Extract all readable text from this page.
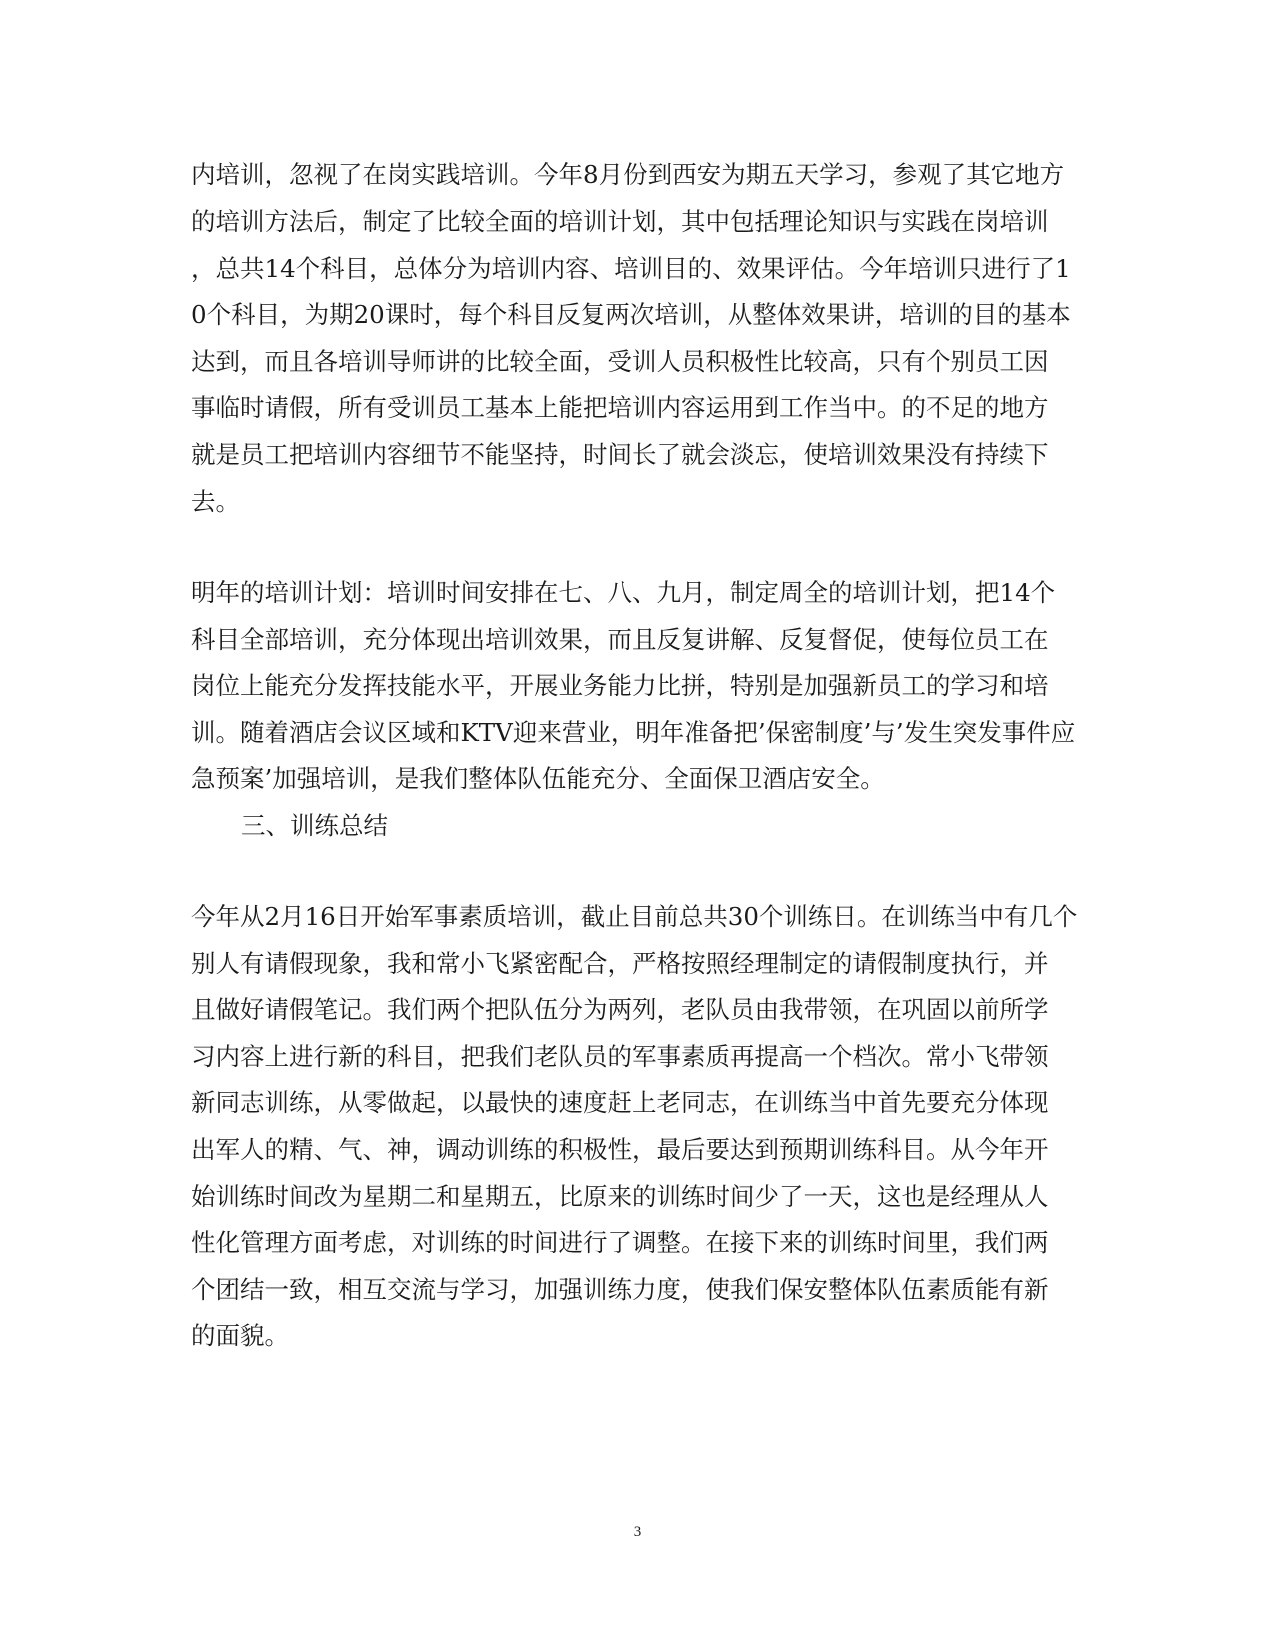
内培训，忽视了在岗实践培训。今年8月份到西安为期五天学习，参观了其它地方
的培训方法后，制定了比较全面的培训计划，其中包括理论知识与实践在岗培训
，总共14个科目，总体分为培训内容、培训目的、效果评估。今年培训只进行了1
0个科目，为期20课时，每个科目反复两次培训，从整体效果讲，培训的目的基本
达到，而且各培训导师讲的比较全面，受训人员积极性比较高，只有个别员工因
事临时请假，所有受训员工基本上能把培训内容运用到工作当中。的不足的地方
就是员工把培训内容细节不能坚持，时间长了就会淡忘，使培训效果没有持续下
去。
明年的培训计划：培训时间安排在七、八、九月，制定周全的培训计划，把14个
科目全部培训，充分体现出培训效果，而且反复讲解、反复督促，使每位员工在
岗位上能充分发挥技能水平，开展业务能力比拼，特别是加强新员工的学习和培
训。随着酒店会议区域和KTV迎来营业，明年准备把’保密制度’与’发生突发事件应
急预案’加强培训，是我们整体队伍能充分、全面保卫酒店安全。
三、训练总结
今年从2月16日开始军事素质培训，截止目前总共30个训练日。在训练当中有几个
别人有请假现象，我和常小飞紧密配合，严格按照经理制定的请假制度执行，并
且做好请假笔记。我们两个把队伍分为两列，老队员由我带领，在巩固以前所学
习内容上进行新的科目，把我们老队员的军事素质再提高一个档次。常小飞带领
新同志训练，从零做起，以最快的速度赶上老同志，在训练当中首先要充分体现
出军人的精、气、神，调动训练的积极性，最后要达到预期训练科目。从今年开
始训练时间改为星期二和星期五，比原来的训练时间少了一天，这也是经理从人
性化管理方面考虑，对训练的时间进行了调整。在接下来的训练时间里，我们两
个团结一致，相互交流与学习，加强训练力度，使我们保安整体队伍素质能有新
的面貌。
3
